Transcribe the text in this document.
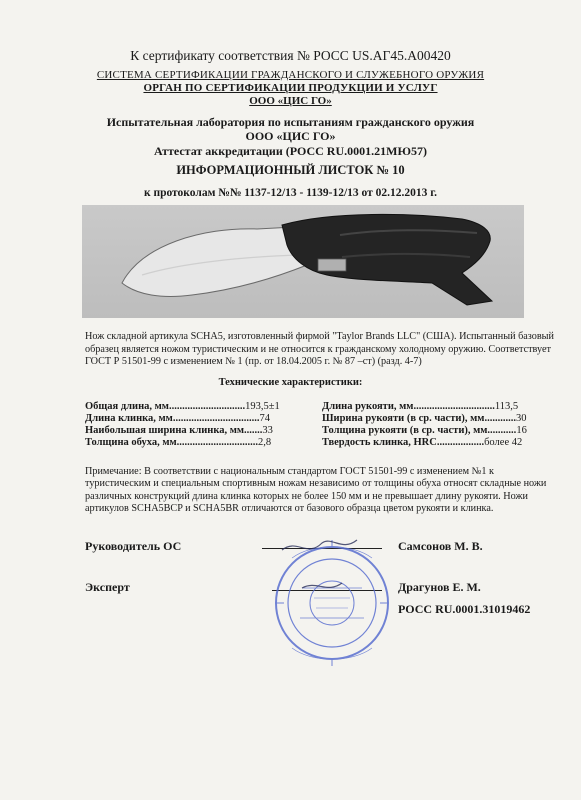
К сертификату соответствия № РОСС US.АГ45.А00420
СИСТЕМА СЕРТИФИКАЦИИ ГРАЖДАНСКОГО И СЛУЖЕБНОГО ОРУЖИЯ
ОРГАН ПО СЕРТИФИКАЦИИ ПРОДУКЦИИ И УСЛУГ
ООО «ЦИС ГО»
Испытательная лаборатория по испытаниям гражданского оружия
ООО «ЦИС ГО»
Аттестат аккредитации (РОСС RU.0001.21МЮ57)
ИНФОРМАЦИОННЫЙ ЛИСТОК № 10
к протоколам №№ 1137-12/13 - 1139-12/13 от 02.12.2013 г.

Нож складной артикула SCHA5, изготовленный фирмой "Taylor Brands LLC" (США). Испытанный базовый
образец является ножом туристическим и не относится к гражданскому холодному оружию. Соответствует
ГОСТ Р 51501-99 с изменением № 1 (пр. от 18.04.2005 г. № 87 –ст) (разд. 4-7)

Технические характеристики:
Общая длина, мм.............................193,5±1
Длина клинка, мм.................................74
Наибольшая ширина клинка, мм.......33
Толщина обуха, мм...............................2,8
Длина рукояти, мм...............................113,5
Ширина рукояти (в ср. части), мм............30
Толщина рукояти (в ср. части), мм...........16
Твердость клинка, HRC..................более 42

Примечание: В соответствии с национальным стандартом ГОСТ 51501-99 с изменением №1 к
туристическим и специальным спортивным ножам независимо от толщины обуха относят складные ножи
различных конструкций длина клинка которых не более 150 мм и не превышает длину рукояти. Ножи
артикулов SCHA5BCP и SCHA5BR отличаются от базового образца цветом рукояти и клинка.

Руководитель ОС	Самсонов М. В.
Эксперт	Драгунов Е. М.
РОСС RU.0001.31019462
